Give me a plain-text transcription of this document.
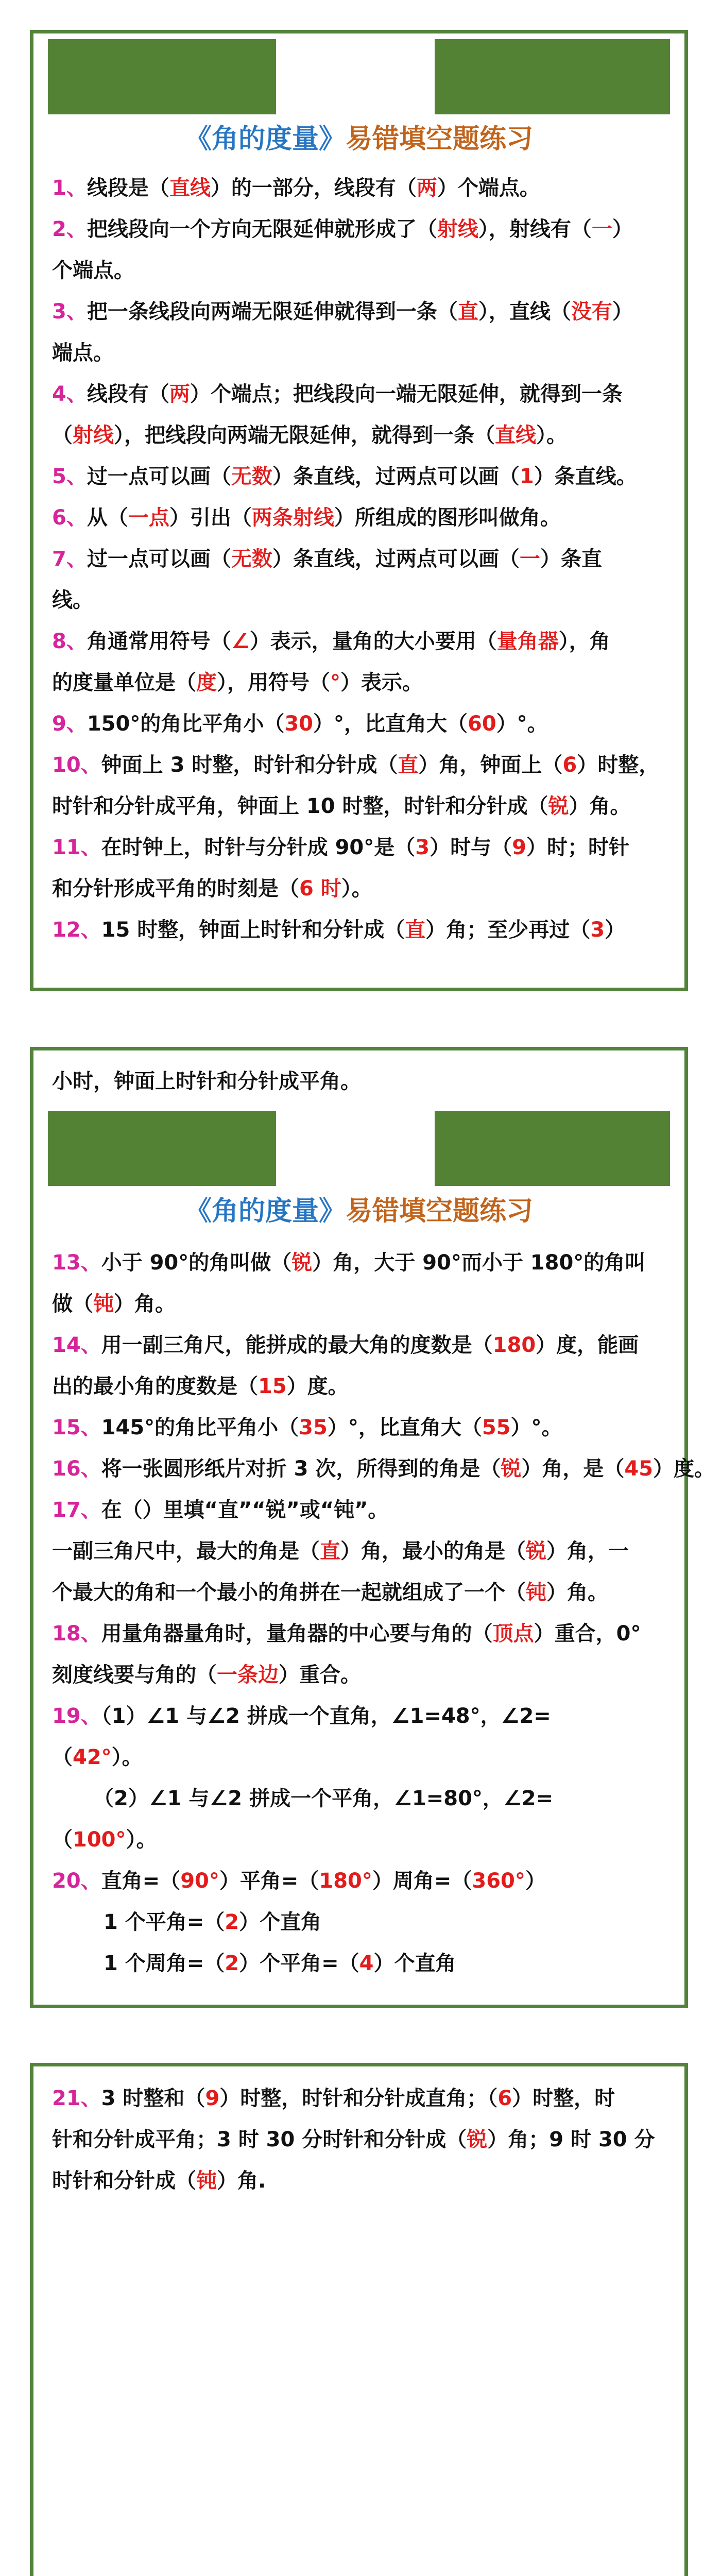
《角的度量》易错填空题练习
1、线段是（直线）的一部分，线段有（两）个端点。
2、把线段向一个方向无限延伸就形成了（射线），射线有（一）
个端点。
3、把一条线段向两端无限延伸就得到一条（直），直线（没有）
端点。
4、线段有（两）个端点；把线段向一端无限延伸，就得到一条
（射线），把线段向两端无限延伸，就得到一条（直线）。
5、过一点可以画（无数）条直线，过两点可以画（1）条直线。
6、从（一点）引出（两条射线）所组成的图形叫做角。
7、过一点可以画（无数）条直线，过两点可以画（一）条直
线。
8、角通常用符号（∠）表示，量角的大小要用（量角器），角
的度量单位是（度），用符号（°）表示。
9、150°的角比平角小（30）°，比直角大（60）°。
10、钟面上 3 时整，时针和分针成（直）角，钟面上（6）时整，
时针和分针成平角，钟面上 10 时整，时针和分针成（锐）角。
11、在时钟上，时针与分针成 90°是（3）时与（9）时；时针
和分针形成平角的时刻是（6 时）。
12、15 时整，钟面上时针和分针成（直）角；至少再过（3）
小时，钟面上时针和分针成平角。
《角的度量》易错填空题练习
13、小于 90°的角叫做（锐）角，大于 90°而小于 180°的角叫
做（钝）角。
14、用一副三角尺，能拼成的最大角的度数是（180）度，能画
出的最小角的度数是（15）度。
15、145°的角比平角小（35）°，比直角大（55）°。
16、将一张圆形纸片对折 3 次，所得到的角是（锐）角，是（45）度。
17、在（）里填“直”“锐”或“钝”。
一副三角尺中，最大的角是（直）角，最小的角是（锐）角，一
个最大的角和一个最小的角拼在一起就组成了一个（钝）角。
18、用量角器量角时，量角器的中心要与角的（顶点）重合，0°
刻度线要与角的（一条边）重合。
19、（1）∠1 与∠2 拼成一个直角，∠1=48°，∠2=
（42°）。
（2）∠1 与∠2 拼成一个平角，∠1=80°，∠2=
（100°）。
20、直角=（90°）平角=（180°）周角=（360°）
1 个平角=（2）个直角
1 个周角=（2）个平角=（4）个直角
21、3 时整和（9）时整，时针和分针成直角；（6）时整，时
针和分针成平角；3 时 30 分时针和分针成（锐）角；9 时 30 分
时针和分针成（钝）角.
